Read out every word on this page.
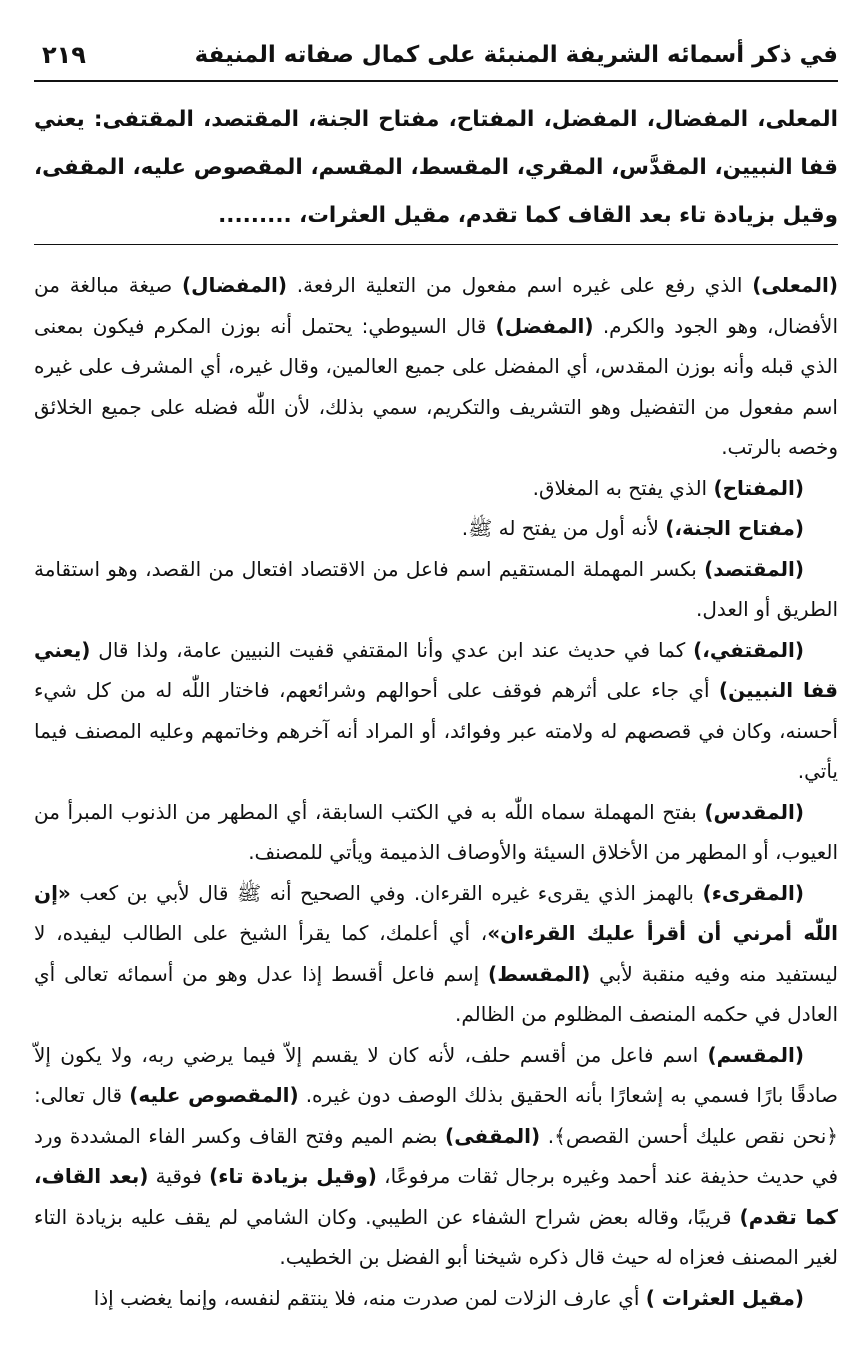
في ذكر أسمائه الشريفة المنبئة على كمال صفاته المنيفة
٢١٩
المعلى، المفضال، المفضل، المفتاح، مفتاح الجنة، المقتصد، المقتفى: يعني قفا النبيين، المقدَّس، المقري، المقسط، المقسم، المقصوص عليه، المقفى، وقيل بزيادة تاء بعد القاف كما تقدم، مقيل العثرات، .........

(المعلى) الذي رفع على غيره اسم مفعول من التعلية الرفعة. (المفضال) صيغة مبالغة من الأفضال، وهو الجود والكرم. (المفضل) قال السيوطي: يحتمل أنه بوزن المكرم فيكون بمعنى الذي قبله وأنه بوزن المقدس، أي المفضل على جميع العالمين، وقال غيره، أي المشرف على غيره اسم مفعول من التفضيل وهو التشريف والتكريم، سمي بذلك، لأن اللّٰه فضله على جميع الخلائق وخصه بالرتب.

(المفتاح) الذي يفتح به المغلاق.

(مفتاح الجنة،) لأنه أول من يفتح له ﷺ.

(المقتصد) بكسر المهملة المستقيم اسم فاعل من الاقتصاد افتعال من القصد، وهو استقامة الطريق أو العدل.

(المقتفي،) كما في حديث عند ابن عدي وأنا المقتفي قفيت النبيين عامة، ولذا قال (يعني قفا النبيين) أي جاء على أثرهم فوقف على أحوالهم وشرائعهم، فاختار اللّٰه له من كل شيء أحسنه، وكان في قصصهم له ولامته عبر وفوائد، أو المراد أنه آخرهم وخاتمهم وعليه المصنف فيما يأتي.

(المقدس) بفتح المهملة سماه اللّٰه به في الكتب السابقة، أي المطهر من الذنوب المبرأ من العيوب، أو المطهر من الأخلاق السيئة والأوصاف الذميمة ويأتي للمصنف.

(المقرىء) بالهمز الذي يقرىء غيره القرءان. وفي الصحيح أنه ﷺ قال لأبي بن كعب «إن اللّٰه أمرني أن أقرأ عليك القرءان»، أي أعلمك، كما يقرأ الشيخ على الطالب ليفيده، لا ليستفيد منه وفيه منقبة لأبي (المقسط) إسم فاعل أقسط إذا عدل وهو من أسمائه تعالى أي العادل في حكمه المنصف المظلوم من الظالم.

(المقسم) اسم فاعل من أقسم حلف، لأنه كان لا يقسم إلاّ فيما يرضي ربه، ولا يكون إلاّ صادقًا بارًا فسمي به إشعارًا بأنه الحقيق بذلك الوصف دون غيره. (المقصوص عليه) قال تعالى: ﴿نحن نقص عليك أحسن القصص﴾. (المقفى) بضم الميم وفتح القاف وكسر الفاء المشددة ورد في حديث حذيفة عند أحمد وغيره برجال ثقات مرفوعًا، (وقيل بزيادة تاء) فوقية (بعد القاف، كما تقدم) قريبًا، وقاله بعض شراح الشفاء عن الطيبي. وكان الشامي لم يقف عليه بزيادة التاء لغير المصنف فعزاه له حيث قال ذكره شيخنا أبو الفضل بن الخطيب.

(مقيل العثرات ) أي عارف الزلات لمن صدرت منه، فلا ينتقم لنفسه، وإنما يغضب إذا
